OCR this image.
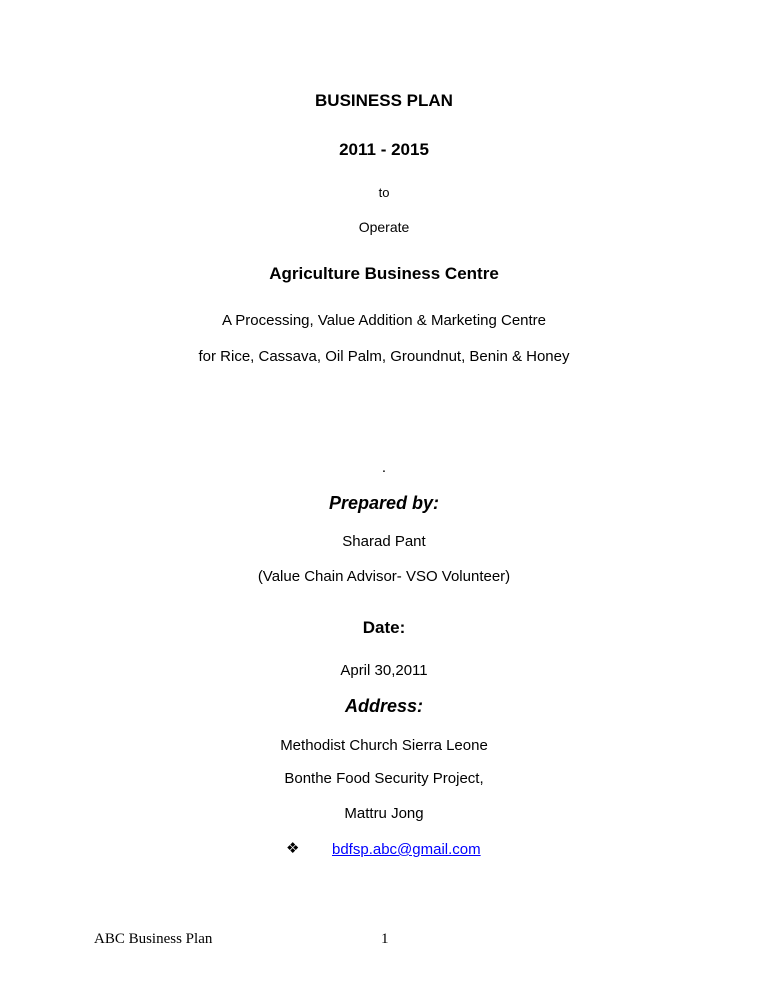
BUSINESS PLAN
2011 - 2015
to
Operate
Agriculture Business Centre
A Processing, Value Addition & Marketing Centre
for Rice, Cassava, Oil Palm, Groundnut, Benin & Honey
.
Prepared by:
Sharad Pant
(Value Chain Advisor- VSO Volunteer)
Date:
April 30,2011
Address:
Methodist Church Sierra Leone
Bonthe Food Security Project,
Mattru Jong
❖ bdfsp.abc@gmail.com
ABC Business Plan	1
